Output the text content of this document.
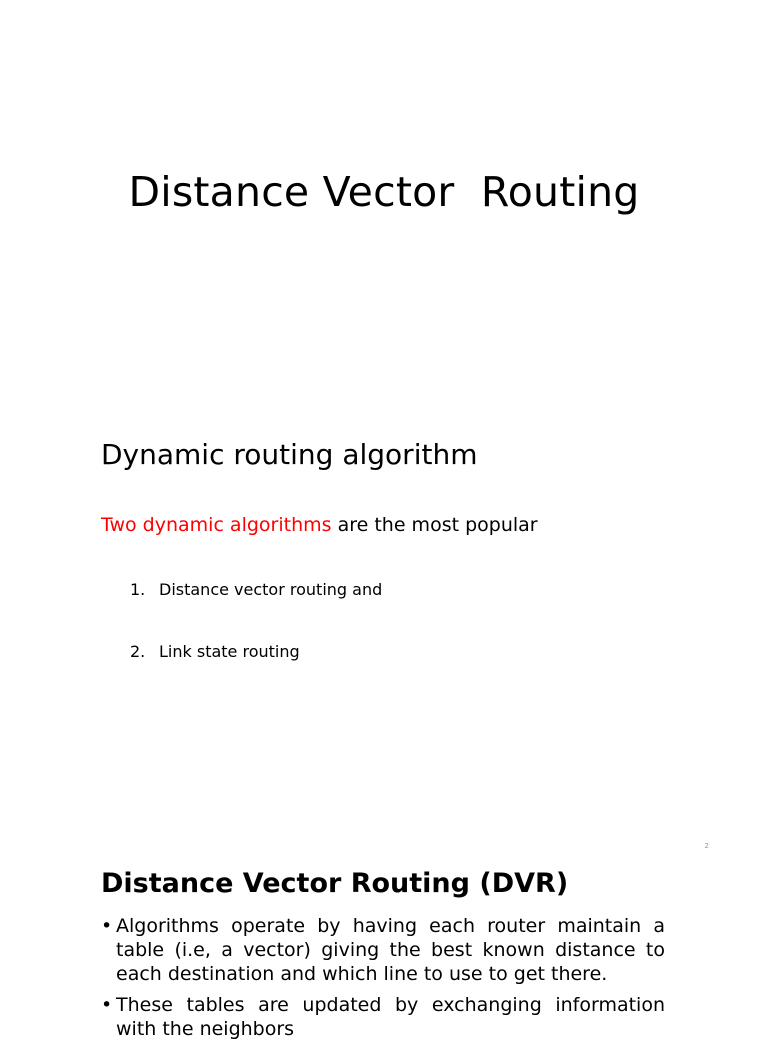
Distance Vector  Routing
Dynamic routing algorithm
Two dynamic algorithms are the most popular
1. Distance vector routing and
2. Link state routing
2
Distance Vector Routing (DVR)
• Algorithms operate by having each router maintain a table (i.e, a vector) giving the best known distance to each destination and which line to use to get there.
• These tables are updated by exchanging information with the neighbors
